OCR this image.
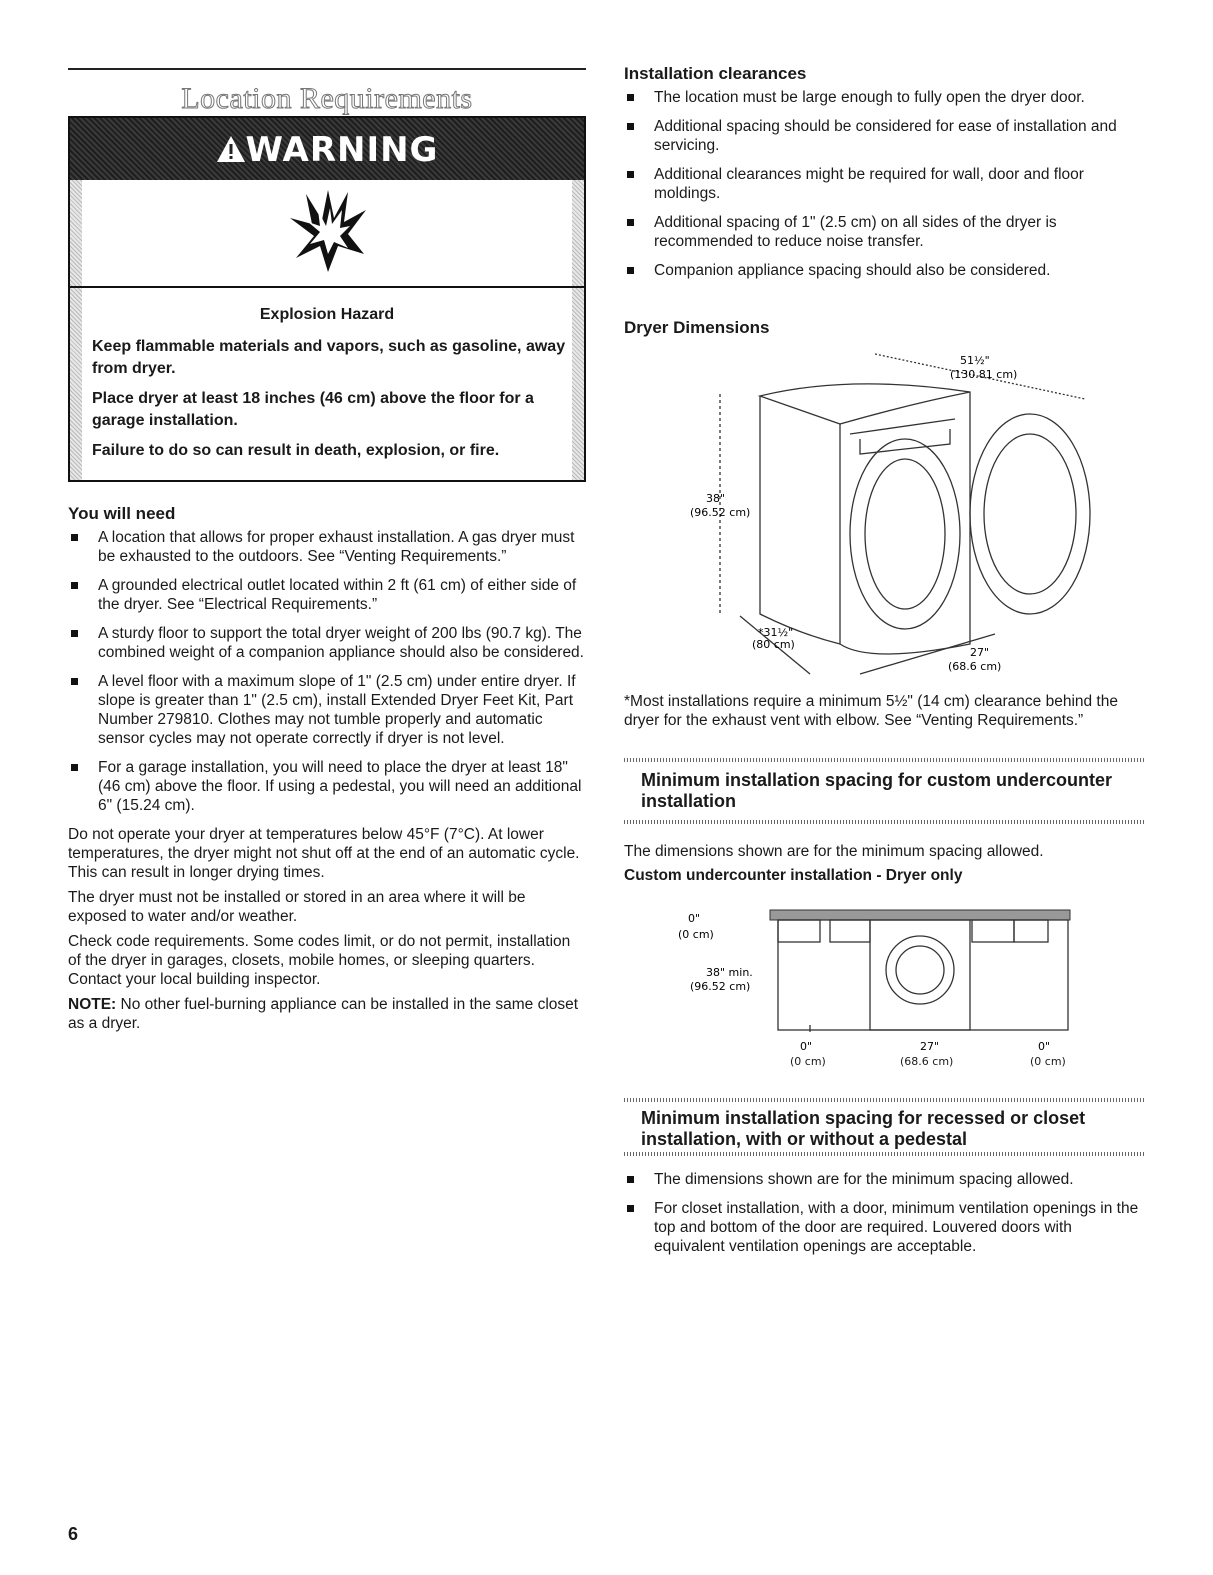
Location Requirements
WARNING
Explosion Hazard
Keep flammable materials and vapors, such as gasoline, away from dryer.
Place dryer at least 18 inches (46 cm) above the floor for a garage installation.
Failure to do so can result in death, explosion, or fire.
You will need
A location that allows for proper exhaust installation. A gas dryer must be exhausted to the outdoors. See “Venting Requirements.”
A grounded electrical outlet located within 2 ft (61 cm) of either side of the dryer. See “Electrical Requirements.”
A sturdy floor to support the total dryer weight of 200 lbs (90.7 kg). The combined weight of a companion appliance should also be considered.
A level floor with a maximum slope of 1" (2.5 cm) under entire dryer. If slope is greater than 1" (2.5 cm), install Extended Dryer Feet Kit, Part Number 279810. Clothes may not tumble properly and automatic sensor cycles may not operate correctly if dryer is not level.
For a garage installation, you will need to place the dryer at least 18" (46 cm) above the floor. If using a pedestal, you will need an additional 6" (15.24 cm).

Do not operate your dryer at temperatures below 45°F (7°C). At lower temperatures, the dryer might not shut off at the end of an automatic cycle. This can result in longer drying times.

The dryer must not be installed or stored in an area where it will be exposed to water and/or weather.

Check code requirements. Some codes limit, or do not permit, installation of the dryer in garages, closets, mobile homes, or sleeping quarters. Contact your local building inspector.

NOTE: No other fuel-burning appliance can be installed in the same closet as a dryer.

6
Installation clearances
The location must be large enough to fully open the dryer door.
Additional spacing should be considered for ease of installation and servicing.
Additional clearances might be required for wall, door and floor moldings.
Additional spacing of 1" (2.5 cm) on all sides of the dryer is recommended to reduce noise transfer.
Companion appliance spacing should also be considered.
Dryer Dimensions
51½"
(130.81 cm)
38"
(96.52 cm)
*31½"
(80 cm)
27"
(68.6 cm)
*Most installations require a minimum 5½" (14 cm) clearance behind the dryer for the exhaust vent with elbow. See “Venting Requirements.”
Minimum installation spacing for custom undercounter installation
The dimensions shown are for the minimum spacing allowed.
Custom undercounter installation - Dryer only
0"
(0 cm)
38" min.
(96.52 cm)
0"	27"	0"
(0 cm)	(68.6 cm)	(0 cm)
Minimum installation spacing for recessed or closet installation, with or without a pedestal
The dimensions shown are for the minimum spacing allowed.
For closet installation, with a door, minimum ventilation openings in the top and bottom of the door are required. Louvered doors with equivalent ventilation openings are acceptable.
